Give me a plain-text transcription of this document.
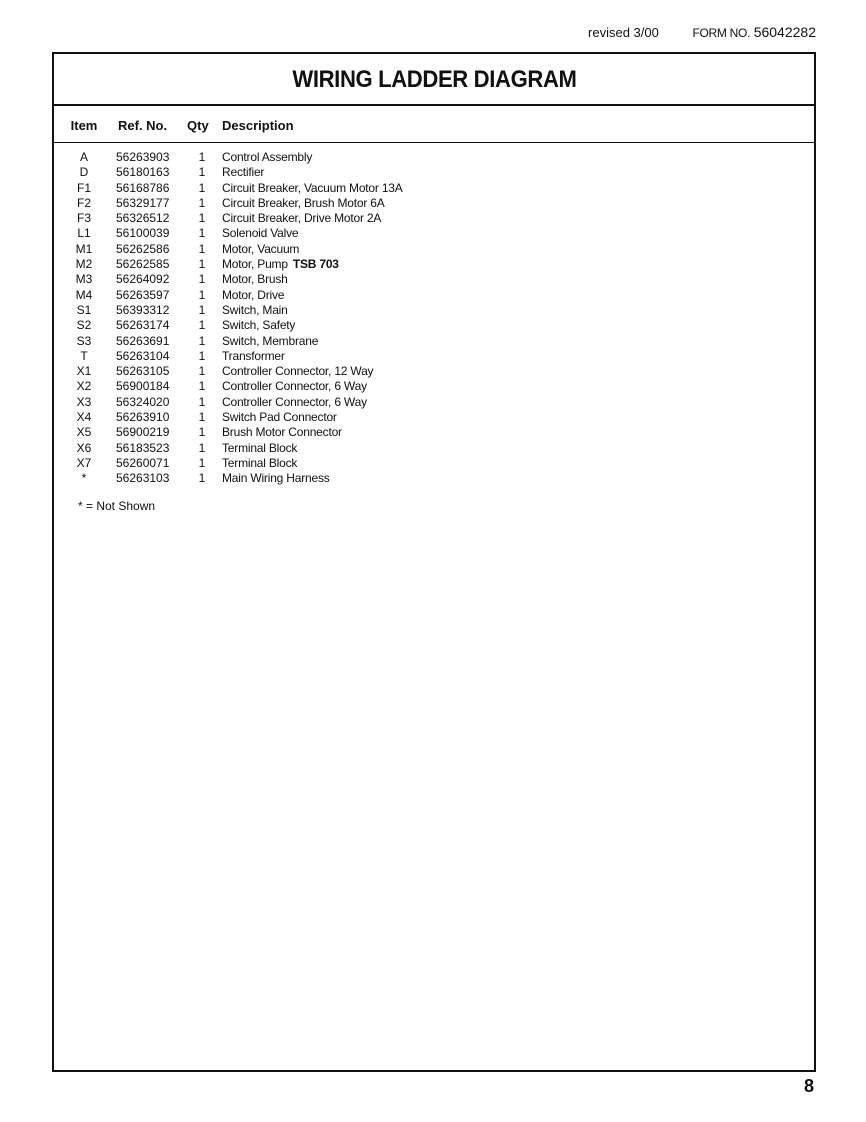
revised 3/00	FORM NO. 56042282
WIRING LADDER DIAGRAM
Item Ref. No. Qty Description
A	56263903	1	Control Assembly
D	56180163	1	Rectifier
F1	56168786	1	Circuit Breaker, Vacuum Motor 13A
F2	56329177	1	Circuit Breaker, Brush Motor 6A
F3	56326512	1	Circuit Breaker, Drive Motor 2A
L1	56100039	1	Solenoid Valve
M1	56262586	1	Motor, Vacuum
M2	56262585	1	Motor, Pump TSB 703
M3	56264092	1	Motor, Brush
M4	56263597	1	Motor, Drive
S1	56393312	1	Switch, Main
S2	56263174	1	Switch, Safety
S3	56263691	1	Switch, Membrane
T	56263104	1	Transformer
X1	56263105	1	Controller Connector, 12 Way
X2	56900184	1	Controller Connector, 6 Way
X3	56324020	1	Controller Connector, 6 Way
X4	56263910	1	Switch Pad Connector
X5	56900219	1	Brush Motor Connector
X6	56183523	1	Terminal Block
X7	56260071	1	Terminal Block
*	56263103	1	Main Wiring Harness
* = Not Shown
8
